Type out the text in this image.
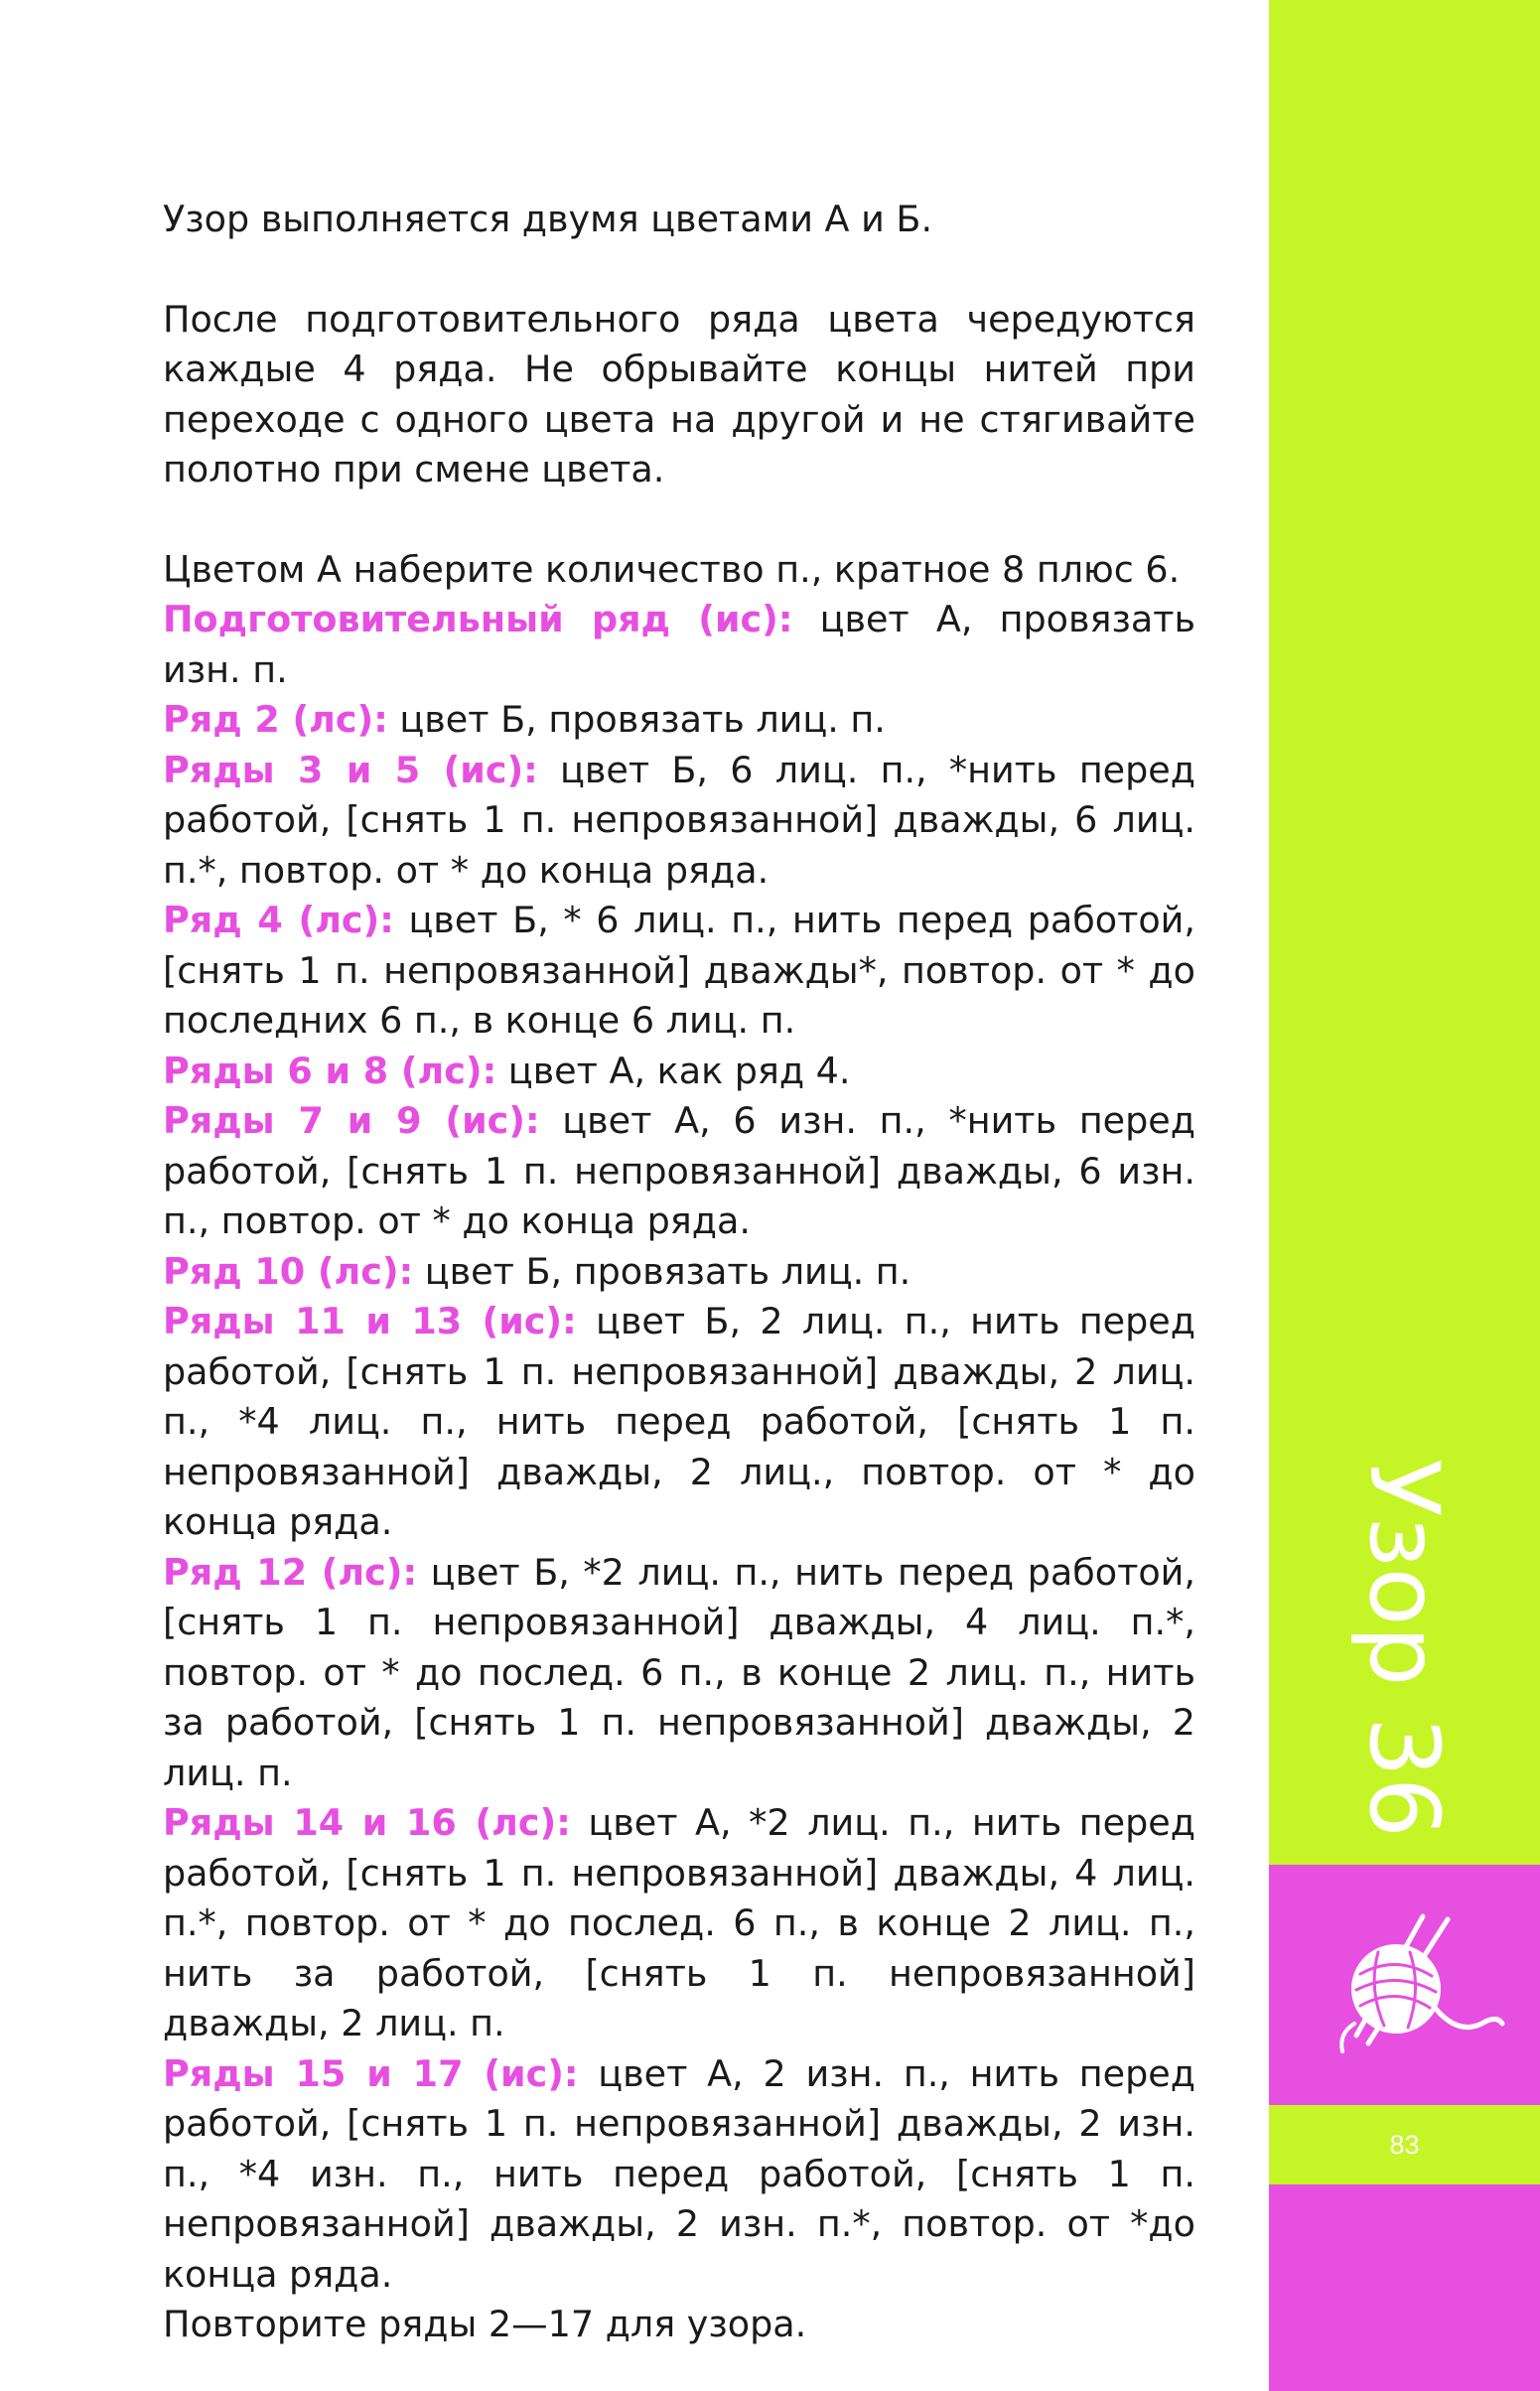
Узор выполняется двумя цветами А и Б.

После подготовительного ряда цвета чередуются каждые 4 ряда. Не обрывайте концы нитей при переходе с одного цвета на другой и не стягивайте полотно при смене цвета.

Цветом А наберите количество п., кратное 8 плюс 6.

Подготовительный ряд (ис): цвет А, провязать изн. п.

Ряд 2 (лс): цвет Б, провязать лиц. п.

Ряды 3 и 5 (ис): цвет Б, 6 лиц. п., *нить перед работой, [снять 1 п. непровязанной] дважды, 6 лиц. п.*, повтор. от * до конца ряда.

Ряд 4 (лс): цвет Б, * 6 лиц. п., нить перед работой, [снять 1 п. непровязанной] дважды*, повтор. от * до последних 6 п., в конце 6 лиц. п.

Ряды 6 и 8 (лс): цвет А, как ряд 4.

Ряды 7 и 9 (ис): цвет А, 6 изн. п., *нить перед работой, [снять 1 п. непровязанной] дважды, 6 изн. п., повтор. от * до конца ряда.

Ряд 10 (лс): цвет Б, провязать лиц. п.

Ряды 11 и 13 (ис): цвет Б, 2 лиц. п., нить перед работой, [снять 1 п. непровязанной] дважды, 2 лиц. п., *4 лиц. п., нить перед работой, [снять 1 п. непровязанной] дважды, 2 лиц., повтор. от * до конца ряда.

Ряд 12 (лс): цвет Б, *2 лиц. п., нить перед работой, [снять 1 п. непровязанной] дважды, 4 лиц. п.*, повтор. от * до послед. 6 п., в конце 2 лиц. п., нить за работой, [снять 1 п. непровязанной] дважды, 2 лиц. п.

Ряды 14 и 16 (лс): цвет А, *2 лиц. п., нить перед работой, [снять 1 п. непровязанной] дважды, 4 лиц. п.*, повтор. от * до послед. 6 п., в конце 2 лиц. п., нить за работой, [снять 1 п. непровязанной] дважды, 2 лиц. п.

Ряды 15 и 17 (ис): цвет А, 2 изн. п., нить перед работой, [снять 1 п. непровязанной] дважды, 2 изн. п., *4 изн. п., нить перед работой, [снять 1 п. непровязанной] дважды, 2 изн. п.*, повтор. от *до конца ряда.

Повторите ряды 2—17 для узора.

Узор 36
83
